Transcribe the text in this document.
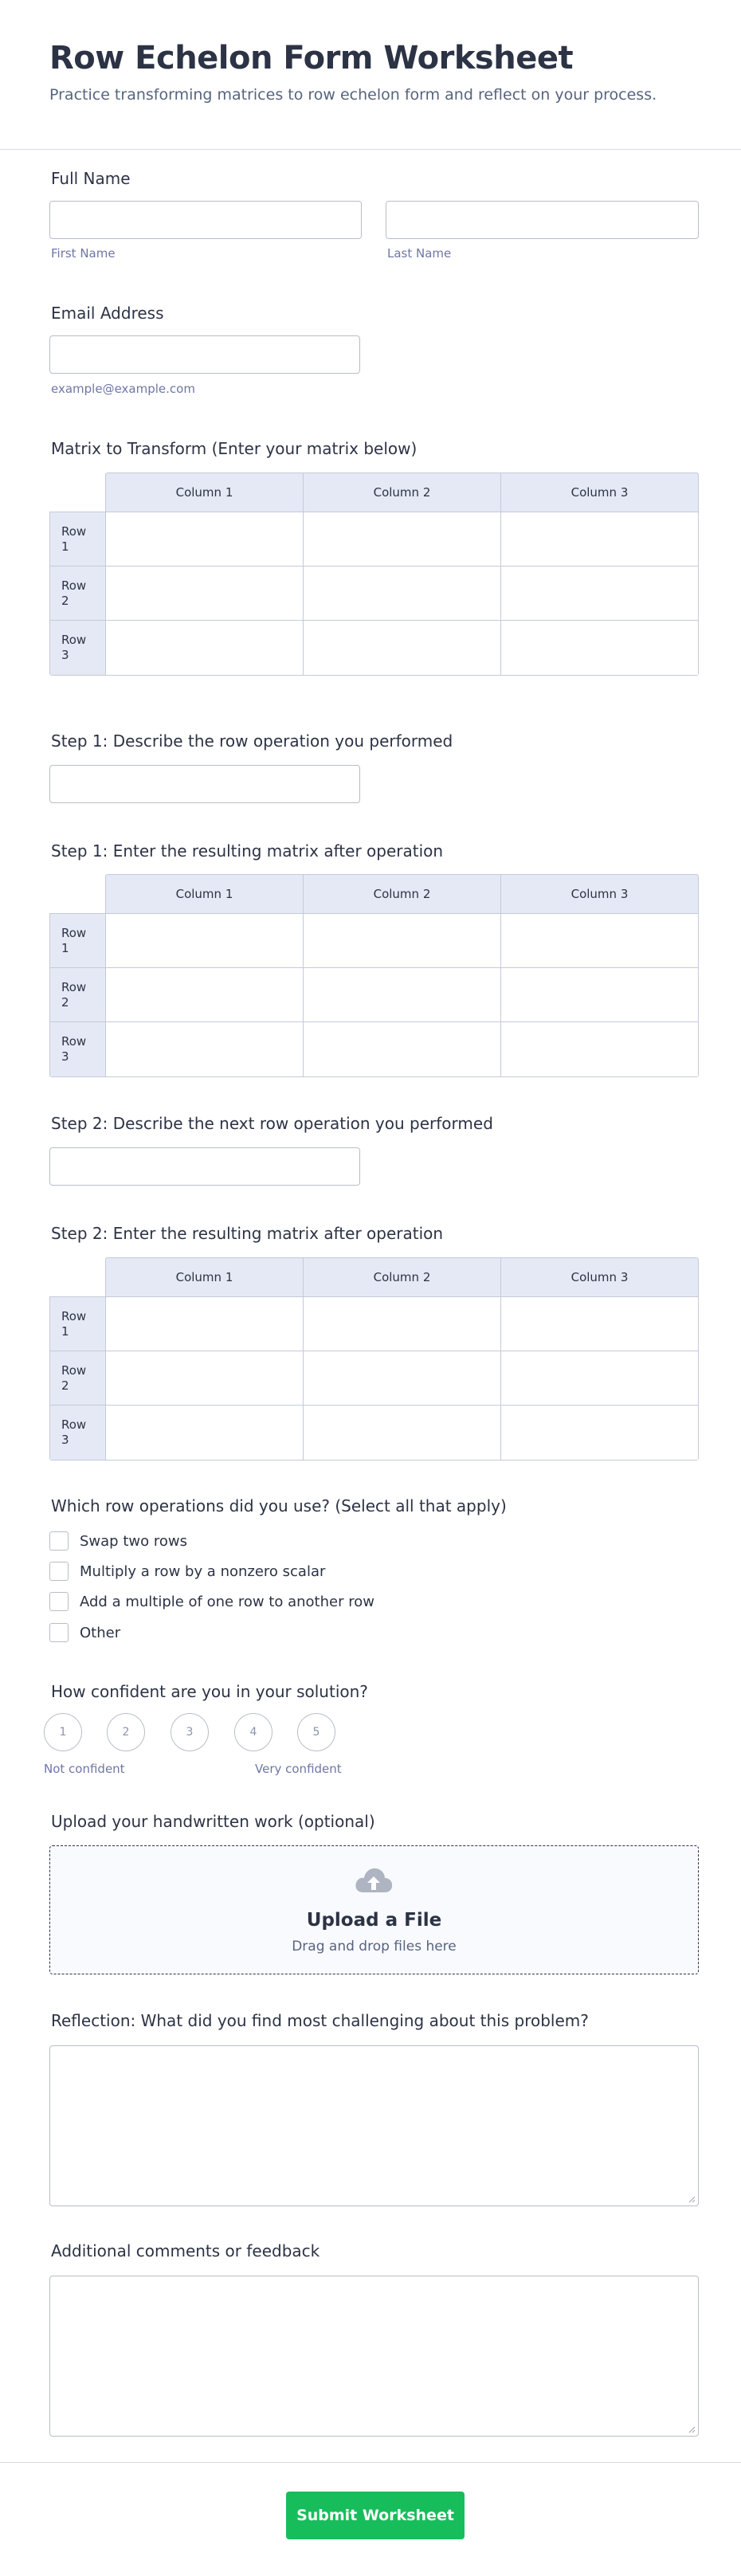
Row Echelon Form Worksheet
Practice transforming matrices to row echelon form and reflect on your process.
Full Name
First Name	Last Name
Email Address
example@example.com
Matrix to Transform (Enter your matrix below)
Column 1	Column 2	Column 3
Row 1
Row 2
Row 3
Step 1: Describe the row operation you performed
Step 1: Enter the resulting matrix after operation
Column 1	Column 2	Column 3
Row 1
Row 2
Row 3
Step 2: Describe the next row operation you performed
Step 2: Enter the resulting matrix after operation
Column 1	Column 2	Column 3
Row 1
Row 2
Row 3
Which row operations did you use? (Select all that apply)
Swap two rows
Multiply a row by a nonzero scalar
Add a multiple of one row to another row
Other
How confident are you in your solution?
1	2	3	4	5
Not confident	Very confident
Upload your handwritten work (optional)
Upload a File
Drag and drop files here
Reflection: What did you find most challenging about this problem?
Additional comments or feedback
Submit Worksheet
